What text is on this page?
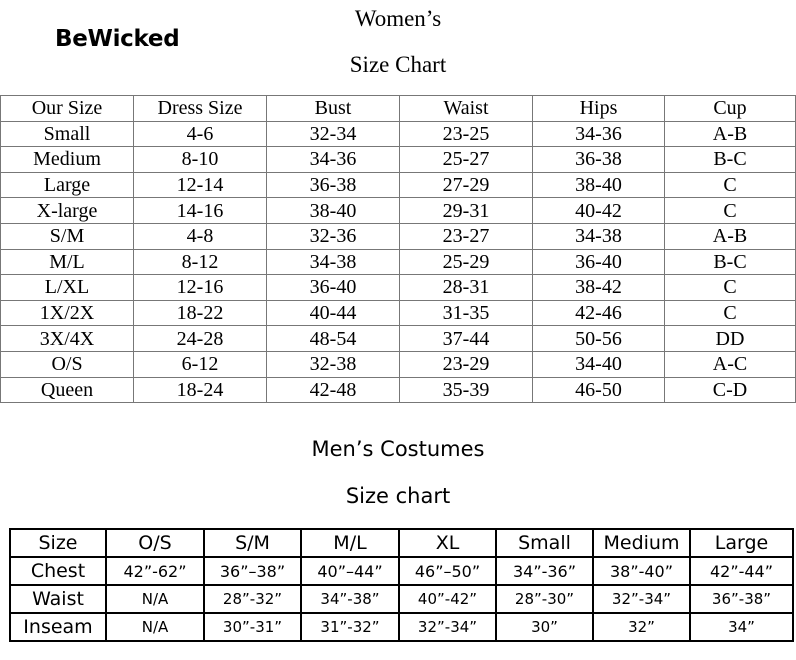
BeWicked
Women’s
Size Chart
Our Size	Dress Size	Bust	Waist	Hips	Cup
Small	4-6	32-34	23-25	34-36	A-B
Medium	8-10	34-36	25-27	36-38	B-C
Large	12-14	36-38	27-29	38-40	C
X-large	14-16	38-40	29-31	40-42	C
S/M	4-8	32-36	23-27	34-38	A-B
M/L	8-12	34-38	25-29	36-40	B-C
L/XL	12-16	36-40	28-31	38-42	C
1X/2X	18-22	40-44	31-35	42-46	C
3X/4X	24-28	48-54	37-44	50-56	DD
O/S	6-12	32-38	23-29	34-40	A-C
Queen	18-24	42-48	35-39	46-50	C-D
Men’s Costumes
Size chart
Size	O/S	S/M	M/L	XL	Small	Medium	Large
Chest	42”-62”	36”–38”	40”–44”	46”–50”	34”-36”	38”-40”	42”-44”
Waist	N/A	28”-32”	34”-38”	40”-42”	28”-30”	32”-34”	36”-38”
Inseam	N/A	30”-31”	31”-32”	32”-34”	30”	32”	34”
